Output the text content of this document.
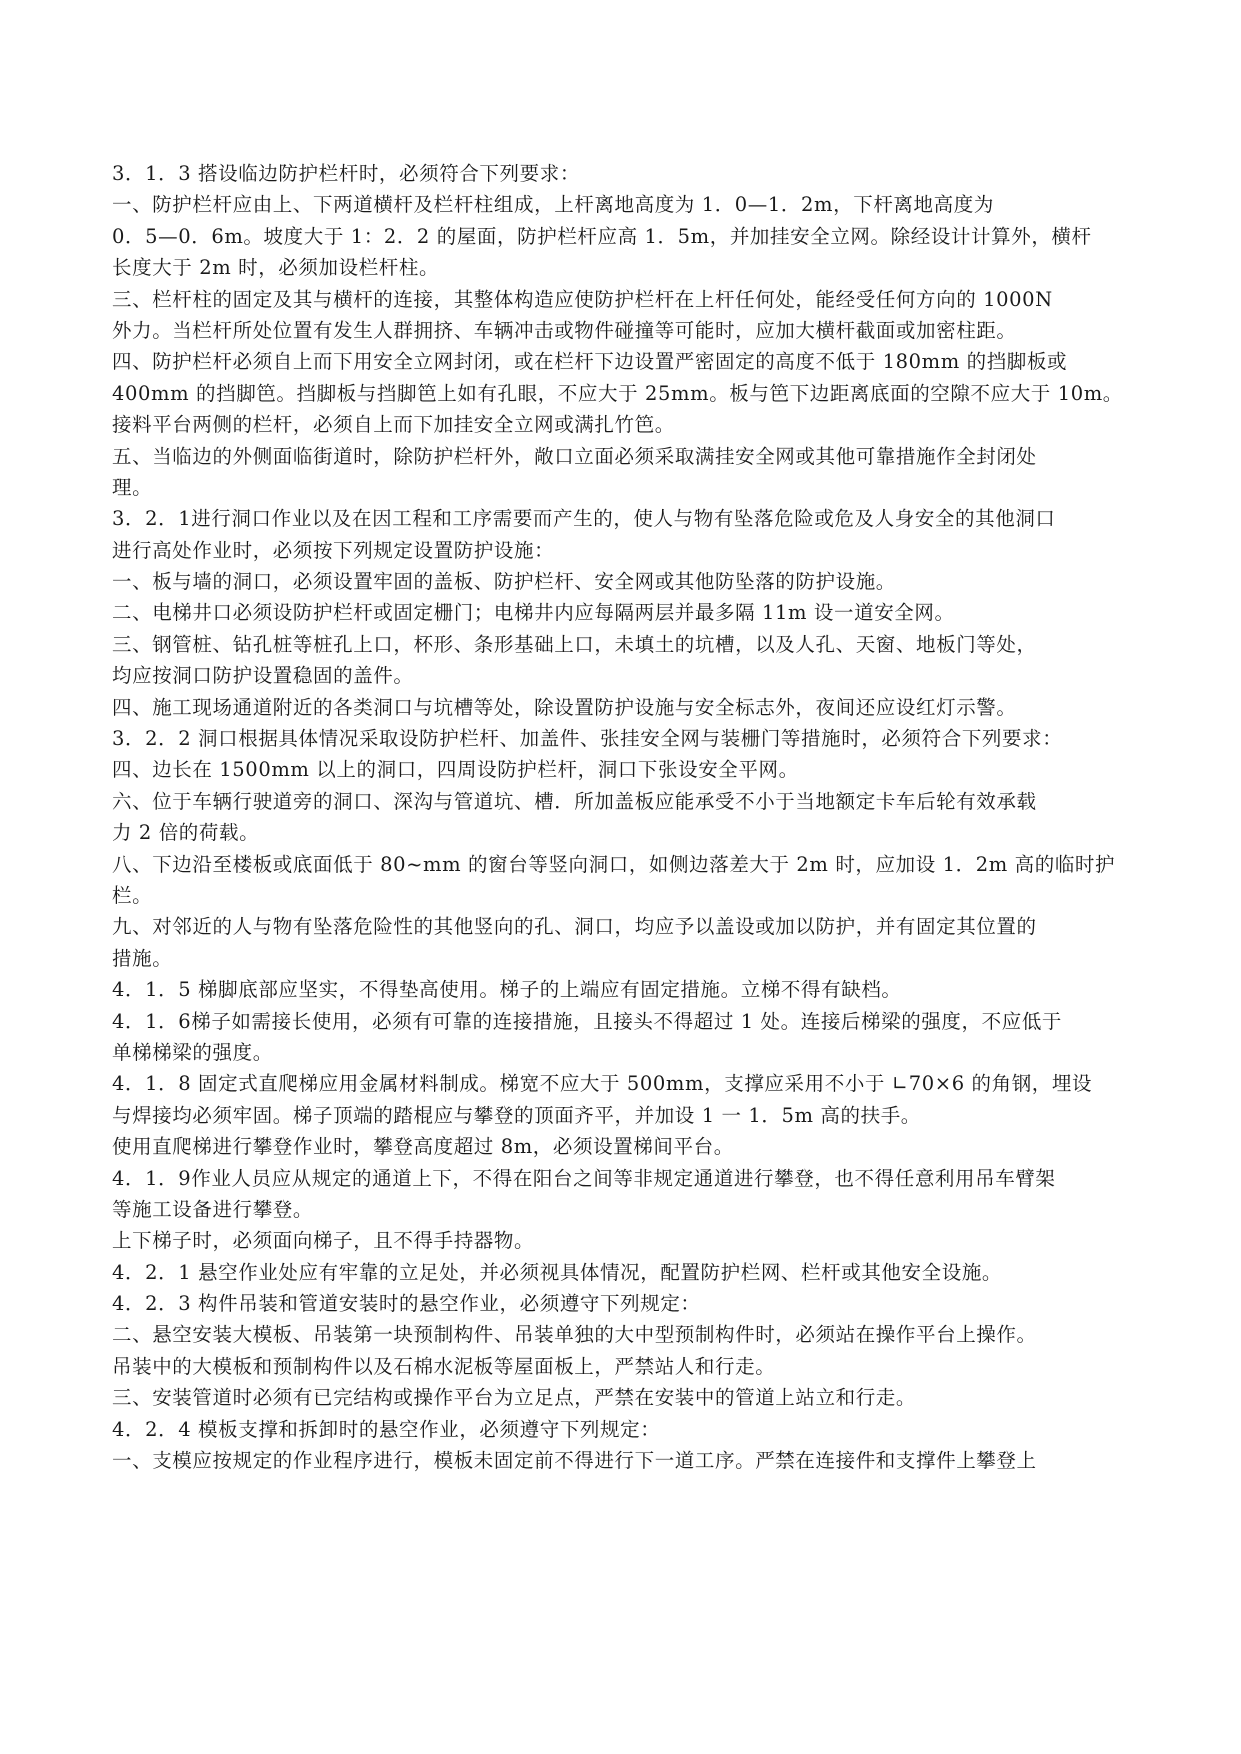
3．1．3 搭设临边防护栏杆时，必须符合下列要求：
一、防护栏杆应由上、下两道横杆及栏杆柱组成，上杆离地高度为 1．0—1．2m，下杆离地高度为
0．5—0．6m。坡度大于 1：2．2 的屋面，防护栏杆应高 1．5m，并加挂安全立网。除经设计计算外，横杆
长度大于 2m 时，必须加设栏杆柱。
三、栏杆柱的固定及其与横杆的连接，其整体构造应使防护栏杆在上杆任何处，能经受任何方向的 1000N
外力。当栏杆所处位置有发生人群拥挤、车辆冲击或物件碰撞等可能时，应加大横杆截面或加密柱距。
四、防护栏杆必须自上而下用安全立网封闭，或在栏杆下边设置严密固定的高度不低于 180mm 的挡脚板或
400mm 的挡脚笆。挡脚板与挡脚笆上如有孔眼，不应大于 25mm。板与笆下边距离底面的空隙不应大于 10m。
接料平台两侧的栏杆，必须自上而下加挂安全立网或满扎竹笆。
五、当临边的外侧面临街道时，除防护栏杆外，敞口立面必须采取满挂安全网或其他可靠措施作全封闭处
理。
3．2．1进行洞口作业以及在因工程和工序需要而产生的，使人与物有坠落危险或危及人身安全的其他洞口
进行高处作业时，必须按下列规定设置防护设施：
一、板与墙的洞口，必须设置牢固的盖板、防护栏杆、安全网或其他防坠落的防护设施。
二、电梯井口必须设防护栏杆或固定栅门；电梯井内应每隔两层并最多隔 11m 设一道安全网。
三、钢管桩、钻孔桩等桩孔上口，杯形、条形基础上口，未填土的坑槽，以及人孔、天窗、地板门等处，
均应按洞口防护设置稳固的盖件。
四、施工现场通道附近的各类洞口与坑槽等处，除设置防护设施与安全标志外，夜间还应设红灯示警。
3．2．2 洞口根据具体情况采取设防护栏杆、加盖件、张挂安全网与装栅门等措施时，必须符合下列要求：
四、边长在 1500mm 以上的洞口，四周设防护栏杆，洞口下张设安全平网。
六、位于车辆行驶道旁的洞口、深沟与管道坑、槽．所加盖板应能承受不小于当地额定卡车后轮有效承载
力 2 倍的荷载。
八、下边沿至楼板或底面低于 80~mm 的窗台等竖向洞口，如侧边落差大于 2m 时，应加设 1．2m 高的临时护
栏。
九、对邻近的人与物有坠落危险性的其他竖向的孔、洞口，均应予以盖设或加以防护，并有固定其位置的
措施。
4．1．5 梯脚底部应坚实，不得垫高使用。梯子的上端应有固定措施。立梯不得有缺档。
4．1．6梯子如需接长使用，必须有可靠的连接措施，且接头不得超过 1 处。连接后梯梁的强度，不应低于
单梯梯梁的强度。
4．1．8 固定式直爬梯应用金属材料制成。梯宽不应大于 500mm，支撑应采用不小于 ∟70×6 的角钢，埋设
与焊接均必须牢固。梯子顶端的踏棍应与攀登的顶面齐平，并加设 1 一 1．5m 高的扶手。
使用直爬梯进行攀登作业时，攀登高度超过 8m，必须设置梯间平台。
4．1．9作业人员应从规定的通道上下，不得在阳台之间等非规定通道进行攀登，也不得任意利用吊车臂架
等施工设备进行攀登。
上下梯子时，必须面向梯子，且不得手持器物。
4．2．1 悬空作业处应有牢靠的立足处，并必须视具体情况，配置防护栏网、栏杆或其他安全设施。
4．2．3 构件吊装和管道安装时的悬空作业，必须遵守下列规定：
二、悬空安装大模板、吊装第一块预制构件、吊装单独的大中型预制构件时，必须站在操作平台上操作。
吊装中的大模板和预制构件以及石棉水泥板等屋面板上，严禁站人和行走。
三、安装管道时必须有已完结构或操作平台为立足点，严禁在安装中的管道上站立和行走。
4．2．4 模板支撑和拆卸时的悬空作业，必须遵守下列规定：
一、支模应按规定的作业程序进行，模板未固定前不得进行下一道工序。严禁在连接件和支撑件上攀登上
